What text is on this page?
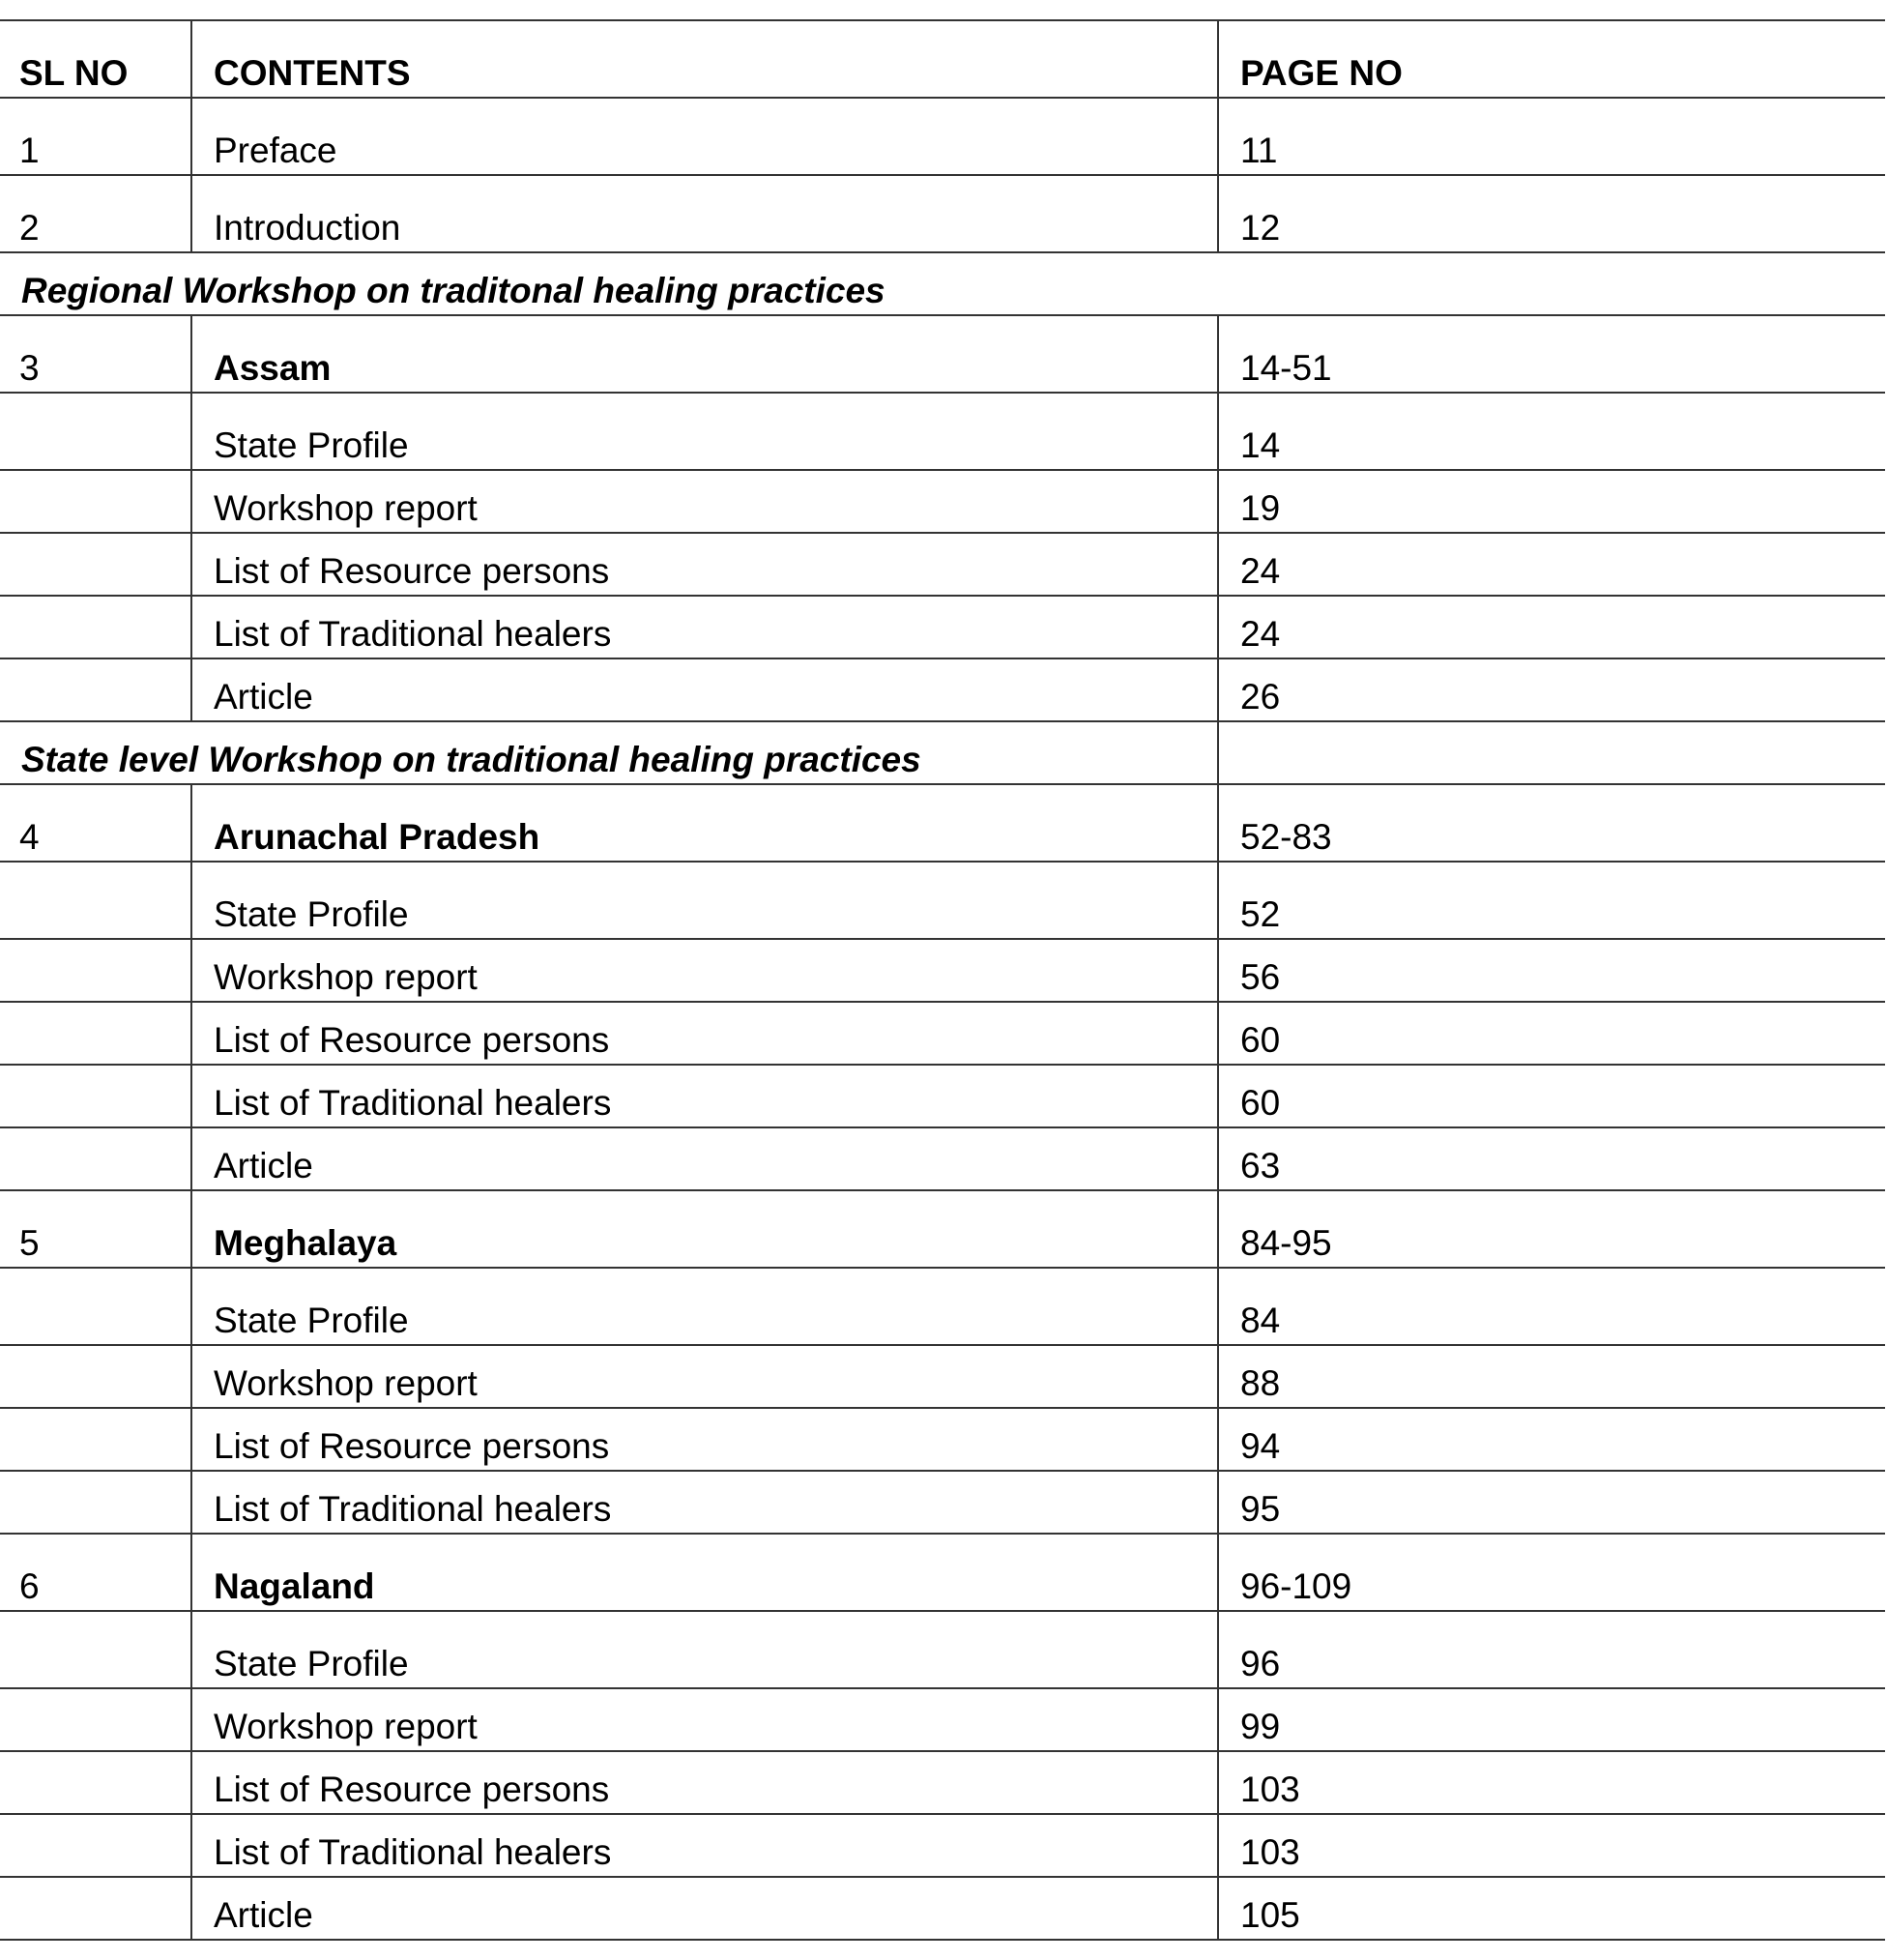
SL NO	CONTENTS	PAGE NO
1	Preface	11
2	Introduction	12
Regional Workshop on traditonal healing practices		
3	Assam	14-51
	State Profile	14
	Workshop report	19
	List of Resource persons	24
	List of Traditional healers	24
	Article	26
State level Workshop on traditional healing practices		
4	Arunachal Pradesh	52-83
	State Profile	52
	Workshop report	56
	List of Resource persons	60
	List of Traditional healers	60
	Article	63
5	Meghalaya	84-95
	State Profile	84
	Workshop report	88
	List of Resource persons	94
	List of Traditional healers	95
6	Nagaland	96-109
	State Profile	96
	Workshop report	99
	List of Resource persons	103
	List of Traditional healers	103
	Article	105
